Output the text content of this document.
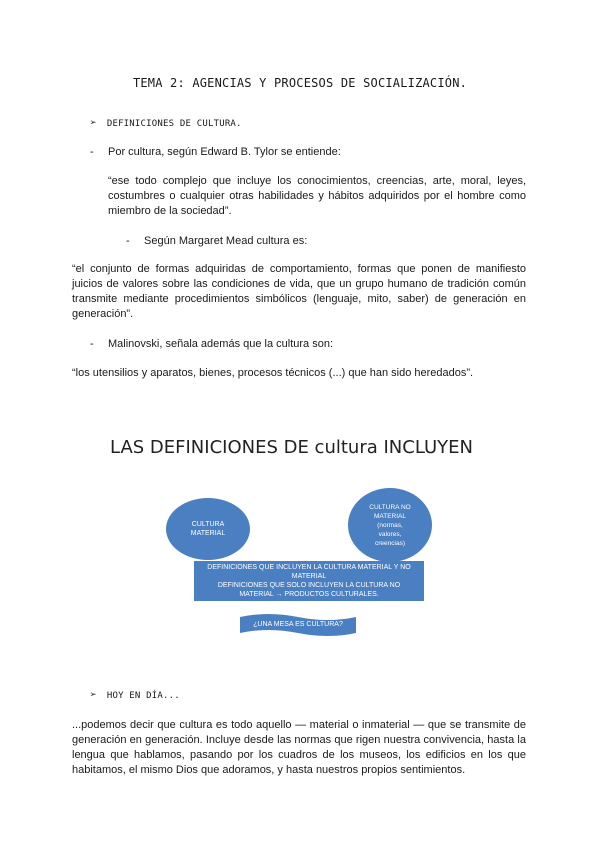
TEMA 2: AGENCIAS Y PROCESOS DE SOCIALIZACIÓN.
➢ DEFINICIONES DE CULTURA.
- Por cultura, según Edward B. Tylor se entiende:
“ese todo complejo que incluye los conocimientos, creencias, arte, moral, leyes, costumbres o cualquier otras habilidades y hábitos adquiridos por el hombre como miembro de la sociedad”.
- Según Margaret Mead cultura es:
“el conjunto de formas adquiridas de comportamiento, formas que ponen de manifiesto juicios de valores sobre las condiciones de vida, que un grupo humano de tradición común transmite mediante procedimientos simbólicos (lenguaje, mito, saber) de generación en generación”.
- Malinovski, señala además que la cultura son:
“los utensilios y aparatos, bienes, procesos técnicos (...) que han sido heredados”.
LAS DEFINICIONES DE cultura INCLUYEN
CULTURA MATERIAL
CULTURA NO MATERIAL
(normas, valores, creencias)
DEFINICIONES QUE INCLUYEN LA CULTURA MATERIAL Y NO MATERIAL
DEFINICIONES QUE SOLO INCLUYEN LA CULTURA NO MATERIAL → PRODUCTOS CULTURALES.
¿UNA MESA ES CULTURA?
➢ HOY EN DÍA...
...podemos decir que cultura es todo aquello — material o inmaterial — que se transmite de generación en generación. Incluye desde las normas que rigen nuestra convivencia, hasta la lengua que hablamos, pasando por los cuadros de los museos, los edificios en los que habitamos, el mismo Dios que adoramos, y hasta nuestros propios sentimientos.
